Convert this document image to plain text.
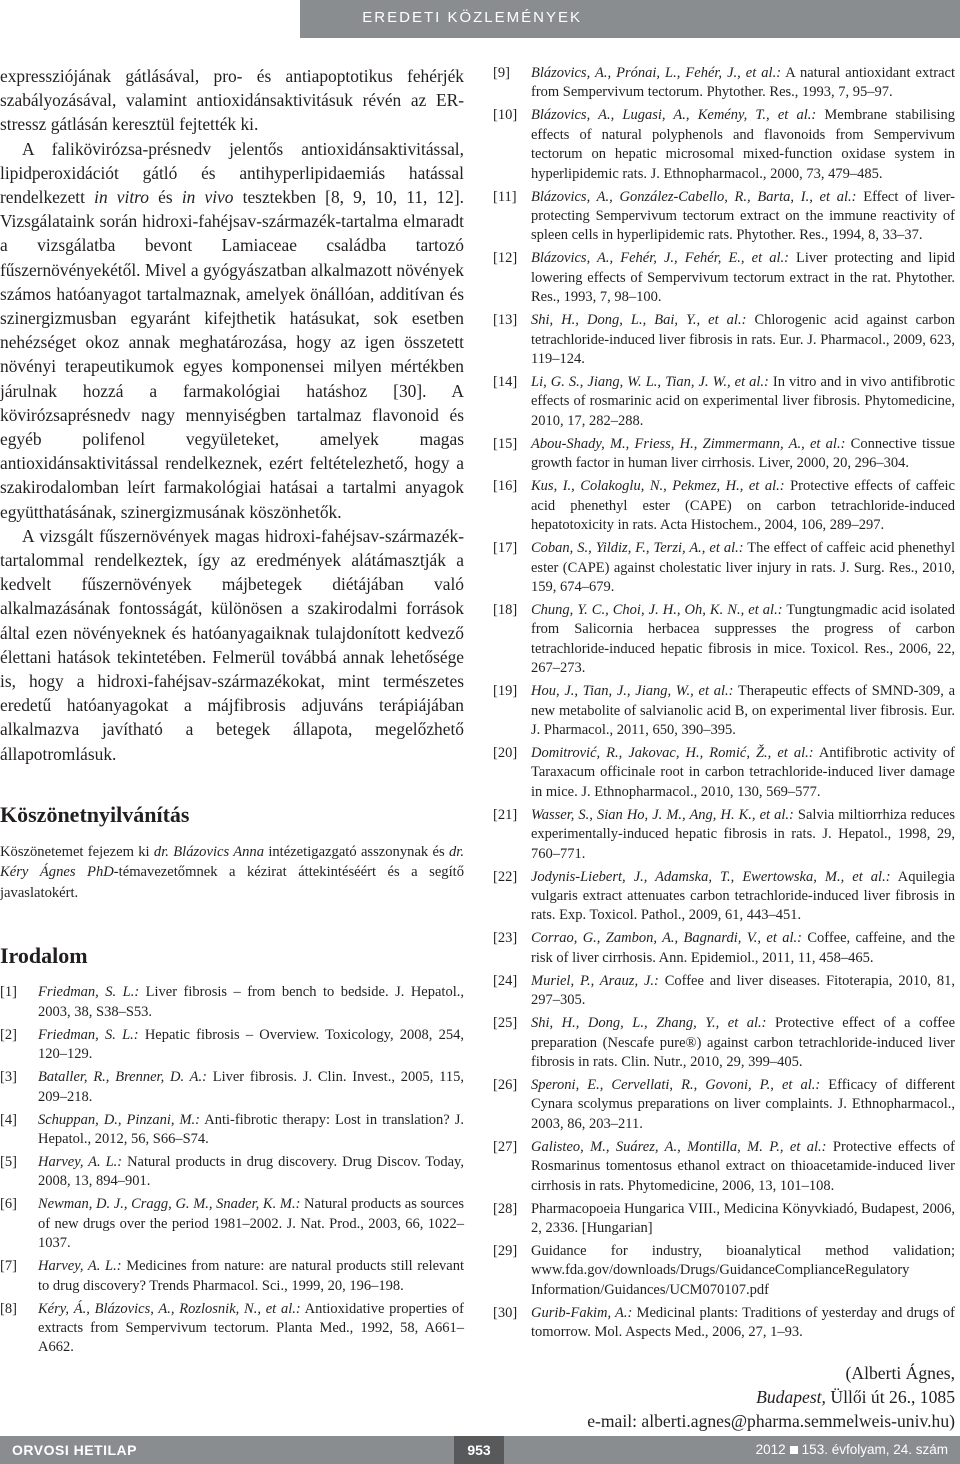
EREDETI KÖZLEMÉNYEK

expressziójának gátlásával, pro- és antiapoptotikus fehérjék szabályozásával, valamint antioxidánsaktivitásuk révén az ER-stressz gátlásán keresztül fejtették ki.

A falikövirózsa-présnedv jelentős antioxidánsaktivitással, lipidperoxidációt gátló és antihyperlipidaemiás hatással rendelkezett in vitro és in vivo tesztekben [8, 9, 10, 11, 12]. Vizsgálataink során hidroxi-fahéjsav-származék-tartalma elmaradt a vizsgálatba bevont Lamiaceae családba tartozó fűszernövényekétől. Mivel a gyógyászatban alkalmazott növények számos hatóanyagot tartalmaznak, amelyek önállóan, additívan és szinergizmusban egyaránt kifejthetik hatásukat, sok esetben nehézséget okoz annak meghatározása, hogy az igen összetett növényi terapeutikumok egyes komponensei milyen mértékben járulnak hozzá a farmakológiai hatáshoz [30]. A kövirózsaprésnedv nagy mennyiségben tartalmaz flavonoid és egyéb polifenol vegyületeket, amelyek magas antioxidánsaktivitással rendelkeznek, ezért feltételezhető, hogy a szakirodalomban leírt farmakológiai hatásai a tartalmi anyagok együtthatásának, szinergizmusának köszönhetők.

A vizsgált fűszernövények magas hidroxi-fahéjsav-származék-tartalommal rendelkeztek, így az eredmények alátámasztják a kedvelt fűszernövények májbetegek diétájában való alkalmazásának fontosságát, különösen a szakirodalmi források által ezen növényeknek és hatóanyagaiknak tulajdonított kedvező élettani hatások tekintetében. Felmerül továbbá annak lehetősége is, hogy a hidroxi-fahéjsav-származékokat, mint természetes eredetű hatóanyagokat a májfibrosis adjuváns terápiájában alkalmazva javítható a betegek állapota, megelőzhető állapotromlásuk.

Köszönetnyilvánítás
Köszönetemet fejezem ki dr. Blázovics Anna intézetigazgató asszonynak és dr. Kéry Ágnes PhD-témavezetőmnek a kézirat áttekintéséért és a segítő javaslatokért.
Irodalom
[1] Friedman, S. L.: Liver fibrosis – from bench to bedside. J. Hepatol., 2003, 38, S38–S53.
[2] Friedman, S. L.: Hepatic fibrosis – Overview. Toxicology, 2008, 254, 120–129.
[3] Bataller, R., Brenner, D. A.: Liver fibrosis. J. Clin. Invest., 2005, 115, 209–218.
[4] Schuppan, D., Pinzani, M.: Anti-fibrotic therapy: Lost in translation? J. Hepatol., 2012, 56, S66–S74.
[5] Harvey, A. L.: Natural products in drug discovery. Drug Discov. Today, 2008, 13, 894–901.
[6] Newman, D. J., Cragg, G. M., Snader, K. M.: Natural products as sources of new drugs over the period 1981–2002. J. Nat. Prod., 2003, 66, 1022–1037.
[7] Harvey, A. L.: Medicines from nature: are natural products still relevant to drug discovery? Trends Pharmacol. Sci., 1999, 20, 196–198.
[8] Kéry, Á., Blázovics, A., Rozlosnik, N., et al.: Antioxidative properties of extracts from Sempervivum tectorum. Planta Med., 1992, 58, A661–A662.
[9] Blázovics, A., Prónai, L., Fehér, J., et al.: A natural antioxidant extract from Sempervivum tectorum. Phytother. Res., 1993, 7, 95–97.
[10] Blázovics, A., Lugasi, A., Kemény, T., et al.: Membrane stabilising effects of natural polyphenols and flavonoids from Sempervivum tectorum on hepatic microsomal mixed-function oxidase system in hyperlipidemic rats. J. Ethnopharmacol., 2000, 73, 479–485.
[11] Blázovics, A., González-Cabello, R., Barta, I., et al.: Effect of liver-protecting Sempervivum tectorum extract on the immune reactivity of spleen cells in hyperlipidemic rats. Phytother. Res., 1994, 8, 33–37.
[12] Blázovics, A., Fehér, J., Fehér, E., et al.: Liver protecting and lipid lowering effects of Sempervivum tectorum extract in the rat. Phytother. Res., 1993, 7, 98–100.
[13] Shi, H., Dong, L., Bai, Y., et al.: Chlorogenic acid against carbon tetrachloride-induced liver fibrosis in rats. Eur. J. Pharmacol., 2009, 623, 119–124.
[14] Li, G. S., Jiang, W. L., Tian, J. W., et al.: In vitro and in vivo antifibrotic effects of rosmarinic acid on experimental liver fibrosis. Phytomedicine, 2010, 17, 282–288.
[15] Abou-Shady, M., Friess, H., Zimmermann, A., et al.: Connective tissue growth factor in human liver cirrhosis. Liver, 2000, 20, 296–304.
[16] Kus, I., Colakoglu, N., Pekmez, H., et al.: Protective effects of caffeic acid phenethyl ester (CAPE) on carbon tetrachloride-induced hepatotoxicity in rats. Acta Histochem., 2004, 106, 289–297.
[17] Coban, S., Yildiz, F., Terzi, A., et al.: The effect of caffeic acid phenethyl ester (CAPE) against cholestatic liver injury in rats. J. Surg. Res., 2010, 159, 674–679.
[18] Chung, Y. C., Choi, J. H., Oh, K. N., et al.: Tungtungmadic acid isolated from Salicornia herbacea suppresses the progress of carbon tetrachloride-induced hepatic fibrosis in mice. Toxicol. Res., 2006, 22, 267–273.
[19] Hou, J., Tian, J., Jiang, W., et al.: Therapeutic effects of SMND-309, a new metabolite of salvianolic acid B, on experimental liver fibrosis. Eur. J. Pharmacol., 2011, 650, 390–395.
[20] Domitrović, R., Jakovac, H., Romić, Ž., et al.: Antifibrotic activity of Taraxacum officinale root in carbon tetrachloride-induced liver damage in mice. J. Ethnopharmacol., 2010, 130, 569–577.
[21] Wasser, S., Sian Ho, J. M., Ang, H. K., et al.: Salvia miltiorrhiza reduces experimentally-induced hepatic fibrosis in rats. J. Hepatol., 1998, 29, 760–771.
[22] Jodynis-Liebert, J., Adamska, T., Ewertowska, M., et al.: Aquilegia vulgaris extract attenuates carbon tetrachloride-induced liver fibrosis in rats. Exp. Toxicol. Pathol., 2009, 61, 443–451.
[23] Corrao, G., Zambon, A., Bagnardi, V., et al.: Coffee, caffeine, and the risk of liver cirrhosis. Ann. Epidemiol., 2011, 11, 458–465.
[24] Muriel, P., Arauz, J.: Coffee and liver diseases. Fitoterapia, 2010, 81, 297–305.
[25] Shi, H., Dong, L., Zhang, Y., et al.: Protective effect of a coffee preparation (Nescafe pure®) against carbon tetrachloride-induced liver fibrosis in rats. Clin. Nutr., 2010, 29, 399–405.
[26] Speroni, E., Cervellati, R., Govoni, P., et al.: Efficacy of different Cynara scolymus preparations on liver complaints. J. Ethnopharmacol., 2003, 86, 203–211.
[27] Galisteo, M., Suárez, A., Montilla, M. P., et al.: Protective effects of Rosmarinus tomentosus ethanol extract on thioacetamide-induced liver cirrhosis in rats. Phytomedicine, 2006, 13, 101–108.
[28] Pharmacopoeia Hungarica VIII., Medicina Könyvkiadó, Budapest, 2006, 2, 2336. [Hungarian]
[29] Guidance for industry, bioanalytical method validation; www.fda.gov/downloads/Drugs/GuidanceComplianceRegulatory Information/Guidances/UCM070107.pdf
[30] Gurib-Fakim, A.: Medicinal plants: Traditions of yesterday and drugs of tomorrow. Mol. Aspects Med., 2006, 27, 1–93.
(Alberti Ágnes,
Budapest, Üllői út 26., 1085
e-mail: alberti.agnes@pharma.semmelweis-univ.hu)
ORVOSI HETILAP	953	2012 153. évfolyam, 24. szám
